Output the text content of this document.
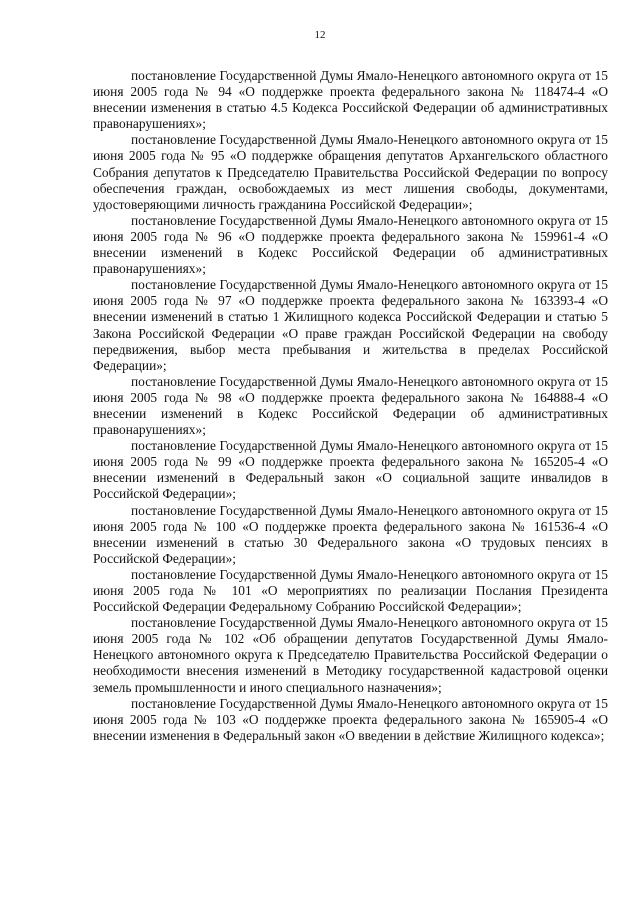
12

постановление Государственной Думы Ямало-Ненецкого автономного округа от 15 июня 2005 года № 94 «О поддержке проекта федерального закона № 118474-4 «О внесении изменения в статью 4.5 Кодекса Российской Федерации об административных правонарушениях»;

постановление Государственной Думы Ямало-Ненецкого автономного округа от 15 июня 2005 года № 95 «О поддержке обращения депутатов Архангельского областного Собрания депутатов к Председателю Правительства Российской Федерации по вопросу обеспечения граждан, освобождаемых из мест лишения свободы, документами, удостоверяющими личность гражданина Российской Федерации»;

постановление Государственной Думы Ямало-Ненецкого автономного округа от 15 июня 2005 года № 96 «О поддержке проекта федерального закона № 159961-4 «О внесении изменений в Кодекс Российской Федерации об административных правонарушениях»;

постановление Государственной Думы Ямало-Ненецкого автономного округа от 15 июня 2005 года № 97 «О поддержке проекта федерального закона № 163393-4 «О внесении изменений в статью 1 Жилищного кодекса Российской Федерации и статью 5 Закона Российской Федерации «О праве граждан Российской Федерации на свободу передвижения, выбор места пребывания и жительства в пределах Российской Федерации»;

постановление Государственной Думы Ямало-Ненецкого автономного округа от 15 июня 2005 года № 98 «О поддержке проекта федерального закона № 164888-4 «О внесении изменений в Кодекс Российской Федерации об административных правонарушениях»;

постановление Государственной Думы Ямало-Ненецкого автономного округа от 15 июня 2005 года № 99 «О поддержке проекта федерального закона № 165205-4 «О внесении изменений в Федеральный закон «О социальной защите инвалидов в Российской Федерации»;

постановление Государственной Думы Ямало-Ненецкого автономного округа от 15 июня 2005 года № 100 «О поддержке проекта федерального закона № 161536-4 «О внесении изменений в статью 30 Федерального закона «О трудовых пенсиях в Российской Федерации»;

постановление Государственной Думы Ямало-Ненецкого автономного округа от 15 июня 2005 года № 101 «О мероприятиях по реализации Послания Президента Российской Федерации Федеральному Собранию Российской Федерации»;

постановление Государственной Думы Ямало-Ненецкого автономного округа от 15 июня 2005 года № 102 «Об обращении депутатов Государственной Думы Ямало-Ненецкого автономного округа к Председателю Правительства Российской Федерации о необходимости внесения изменений в Методику государственной кадастровой оценки земель промышленности и иного специального назначения»;

постановление Государственной Думы Ямало-Ненецкого автономного округа от 15 июня 2005 года № 103 «О поддержке проекта федерального закона № 165905-4 «О внесении изменения в Федеральный закон «О введении в действие Жилищного кодекса»;
